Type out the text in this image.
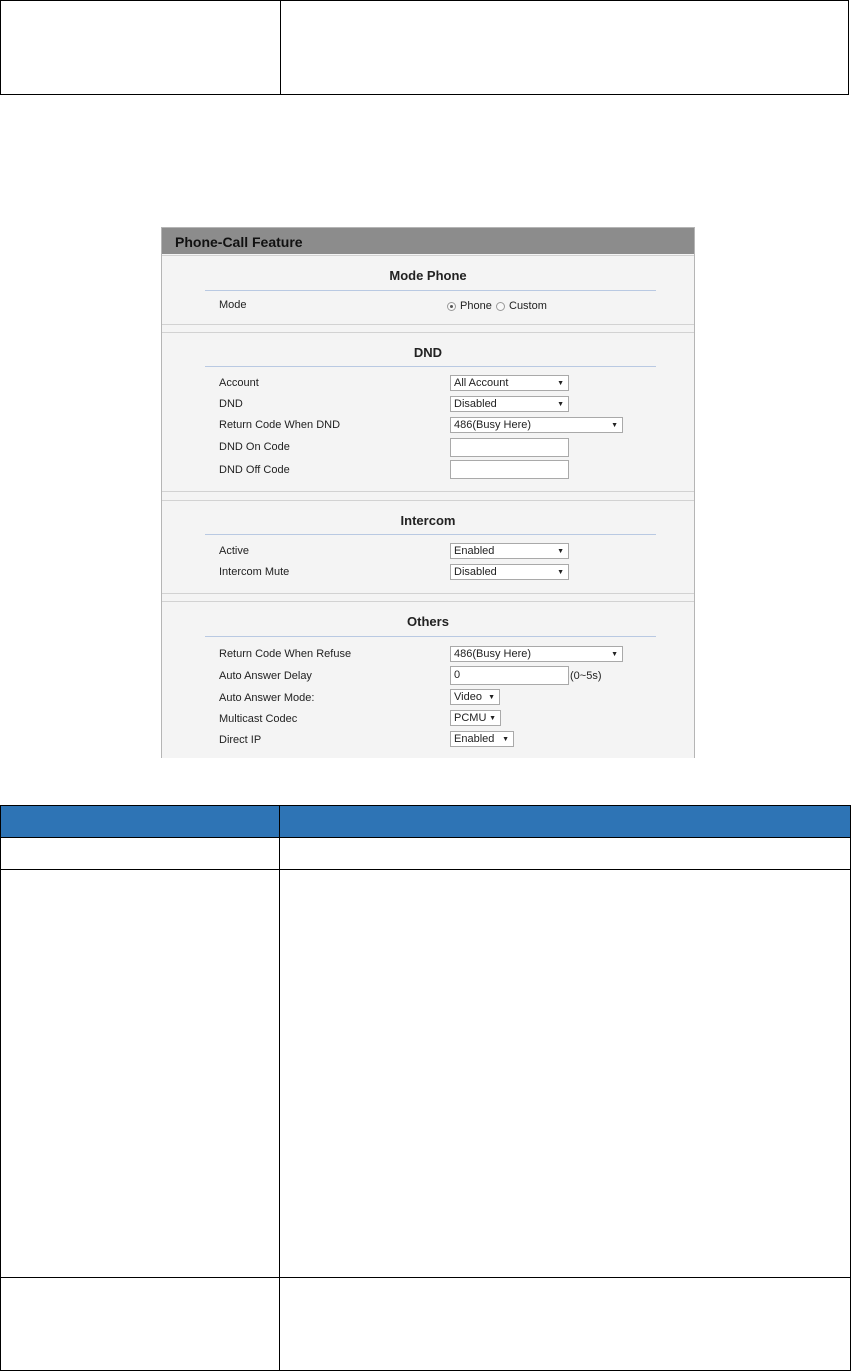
Phone-Call Feature
Mode Phone
Mode	Phone Custom
DND
Account	All Account	▼
DND	Disabled	▼
Return Code When DND	486(Busy Here)	▼
DND On Code
DND Off Code
Intercom
Active	Enabled	▼
Intercom Mute	Disabled	▼
Others
Return Code When Refuse	486(Busy Here)	▼
Auto Answer Delay	0	(0~5s)
Auto Answer Mode:	Video ▼
Multicast Codec	PCMU ▼
Direct IP	Enabled ▼
